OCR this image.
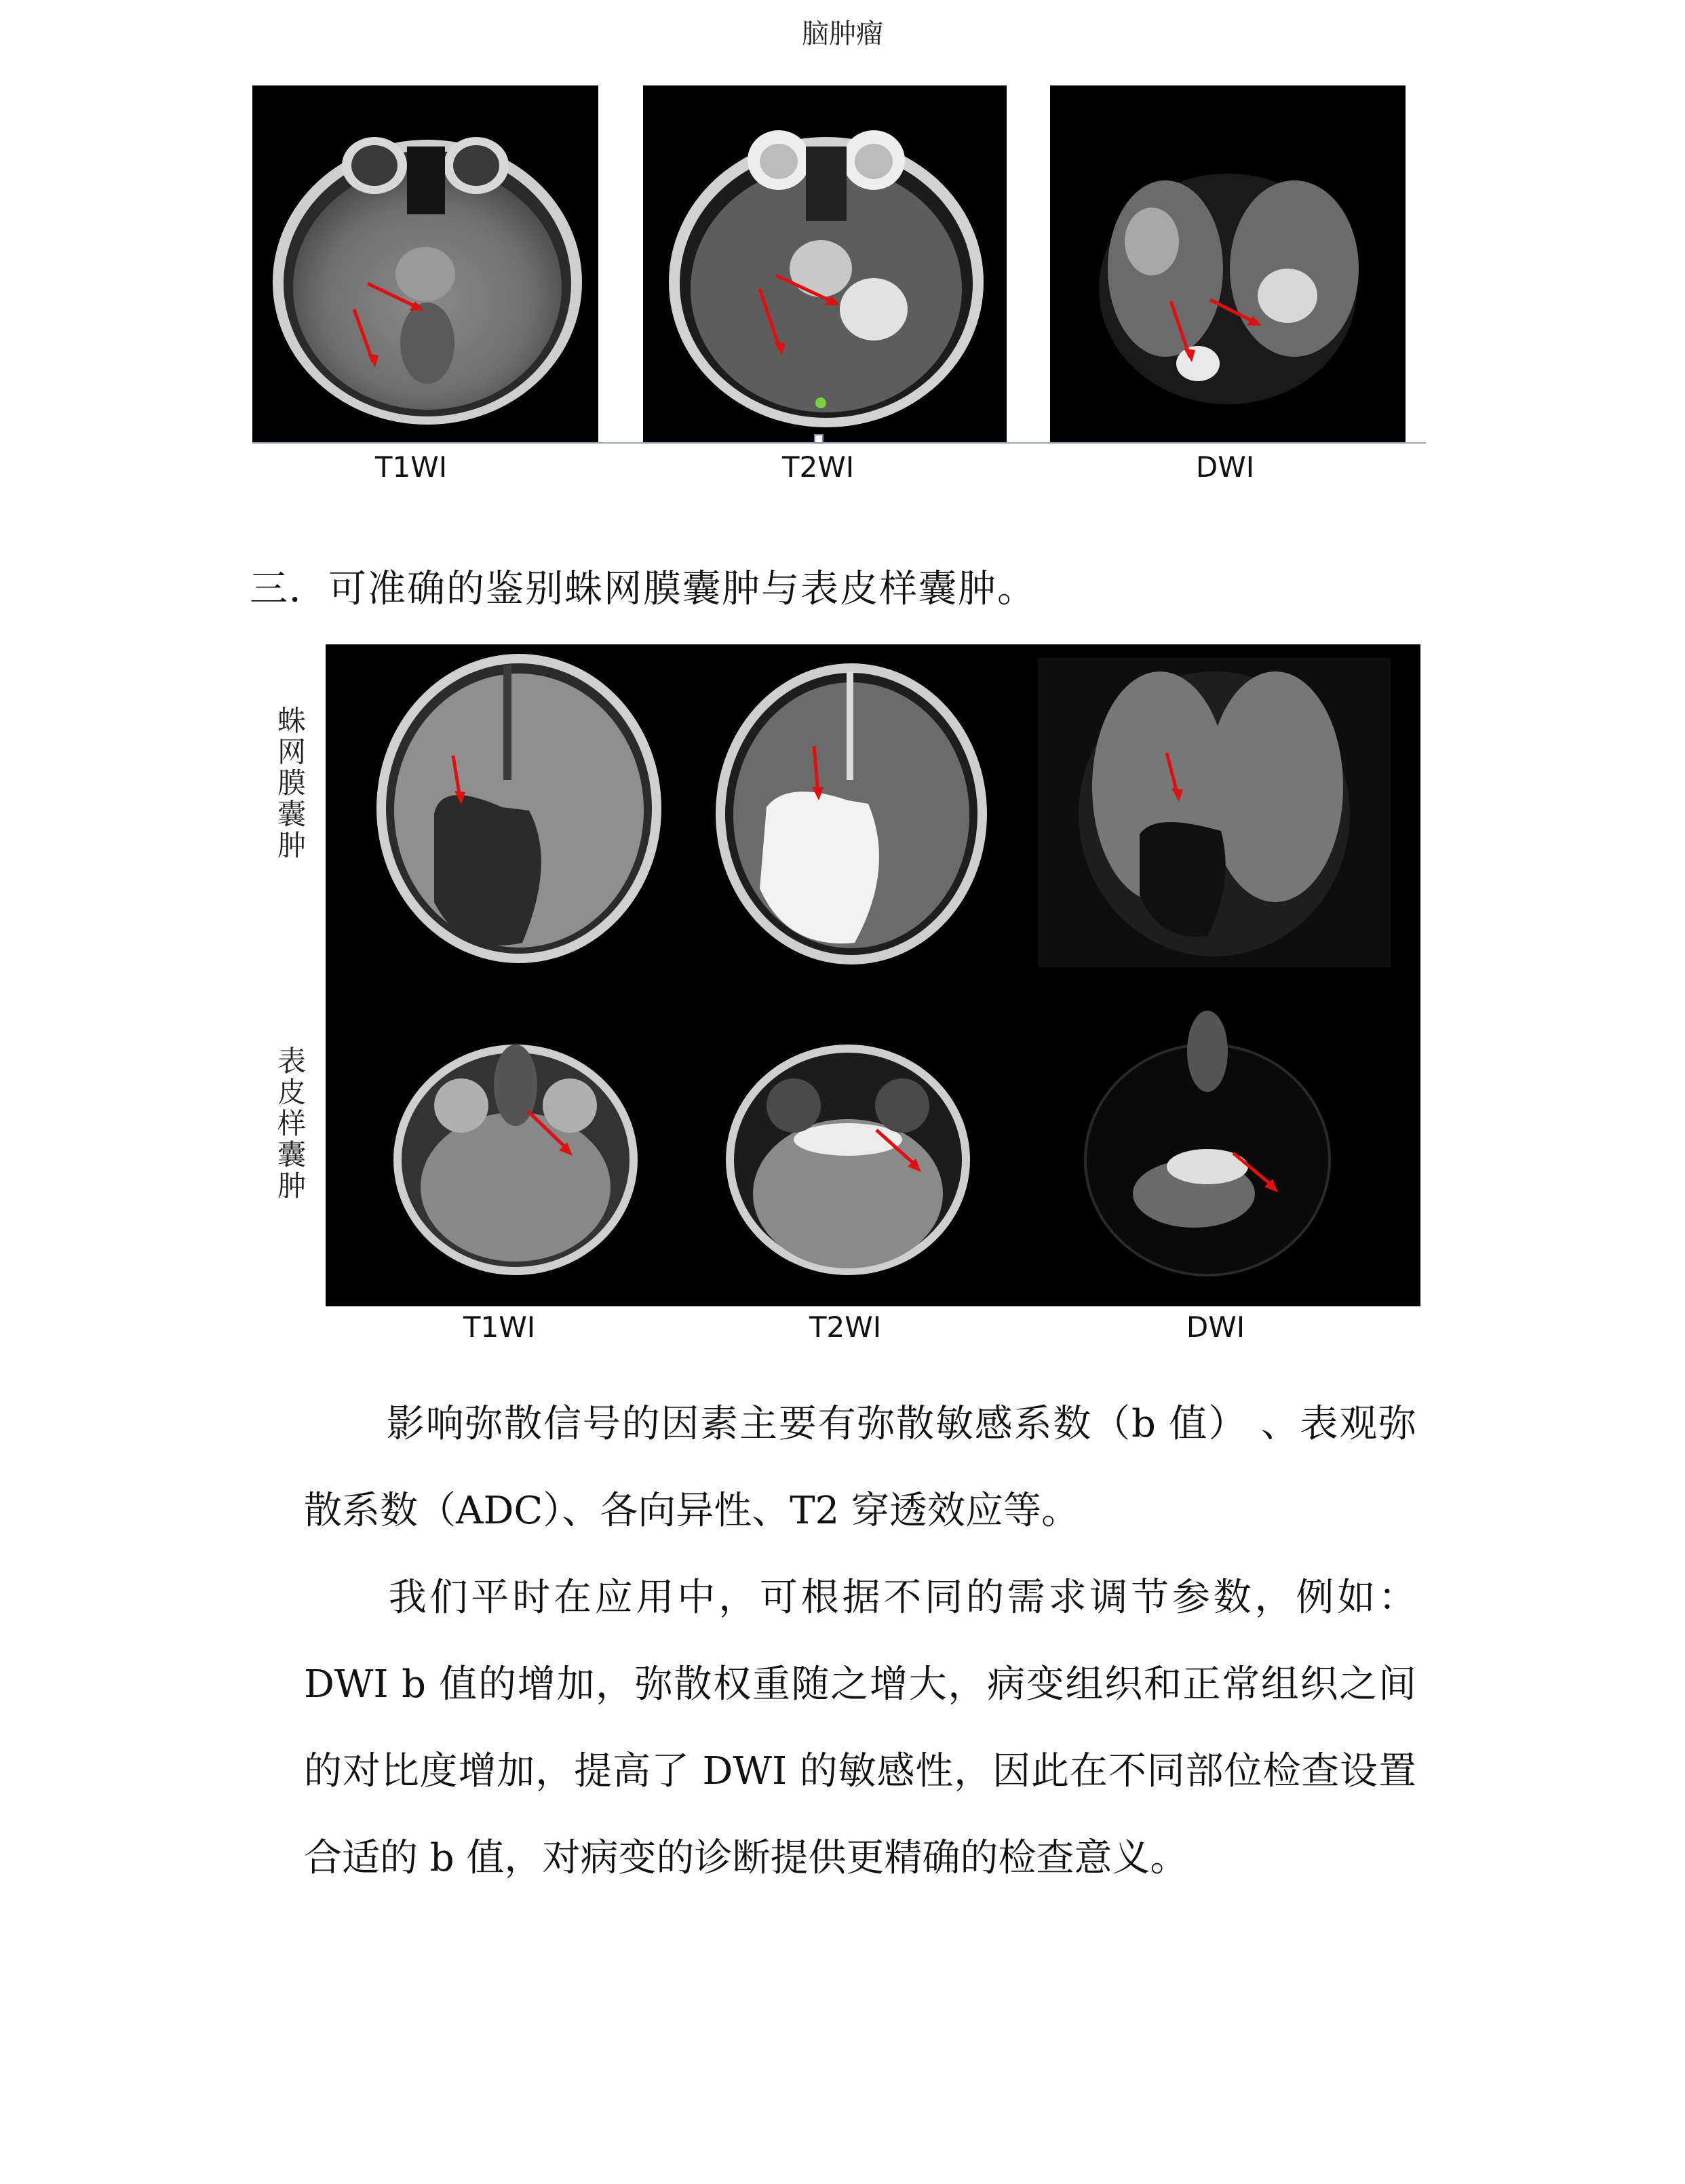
脑肿瘤
T1WI	T2WI	DWI
三．可准确的鉴别蛛网膜囊肿与表皮样囊肿。
蛛网膜囊肿
表皮样囊肿
T1WI	T2WI	DWI
影响弥散信号的因素主要有弥散敏感系数（b 值） 、表观弥散系数（ADC）、各向异性、T2 穿透效应等。
我们平时在应用中，可根据不同的需求调节参数，例如：DWI b 值的增加，弥散权重随之增大，病变组织和正常组织之间的对比度增加，提高了 DWI 的敏感性，因此在不同部位检查设置合适的 b 值，对病变的诊断提供更精确的检查意义。
